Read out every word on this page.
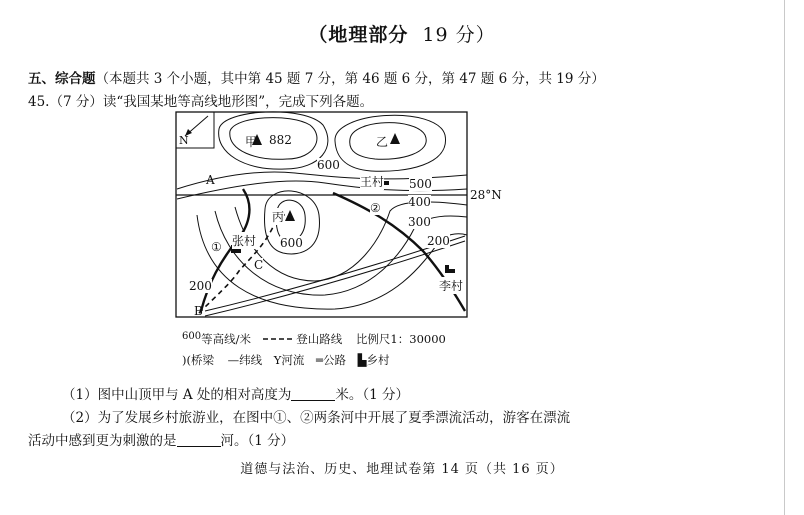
（地理部分 19 分）
五、综合题（本题共 3 个小题，其中第 45 题 7 分，第 46 题 6 分，第 47 题 6 分，共 19 分）
45.（7 分）读“我国某地等高线地形图”，完成下列各题。
N	甲 882	乙
丙
600
500
400
300
200
600
200
王村
张村
李村
A
B
C
①
②
28°N
600等高线/米	登山路线 比例尺1：30000
)(桥梁 —纬线 Y河流 ═公路 ▙乡村
（1）图中山顶甲与 A 处的相对高度为	米。（1 分）
（2）为了发展乡村旅游业，在图中①、②两条河中开展了夏季漂流活动，游客在漂流
活动中感到更为刺激的是	河。（1 分）
道德与法治、历史、地理试卷第 14 页（共 16 页）
